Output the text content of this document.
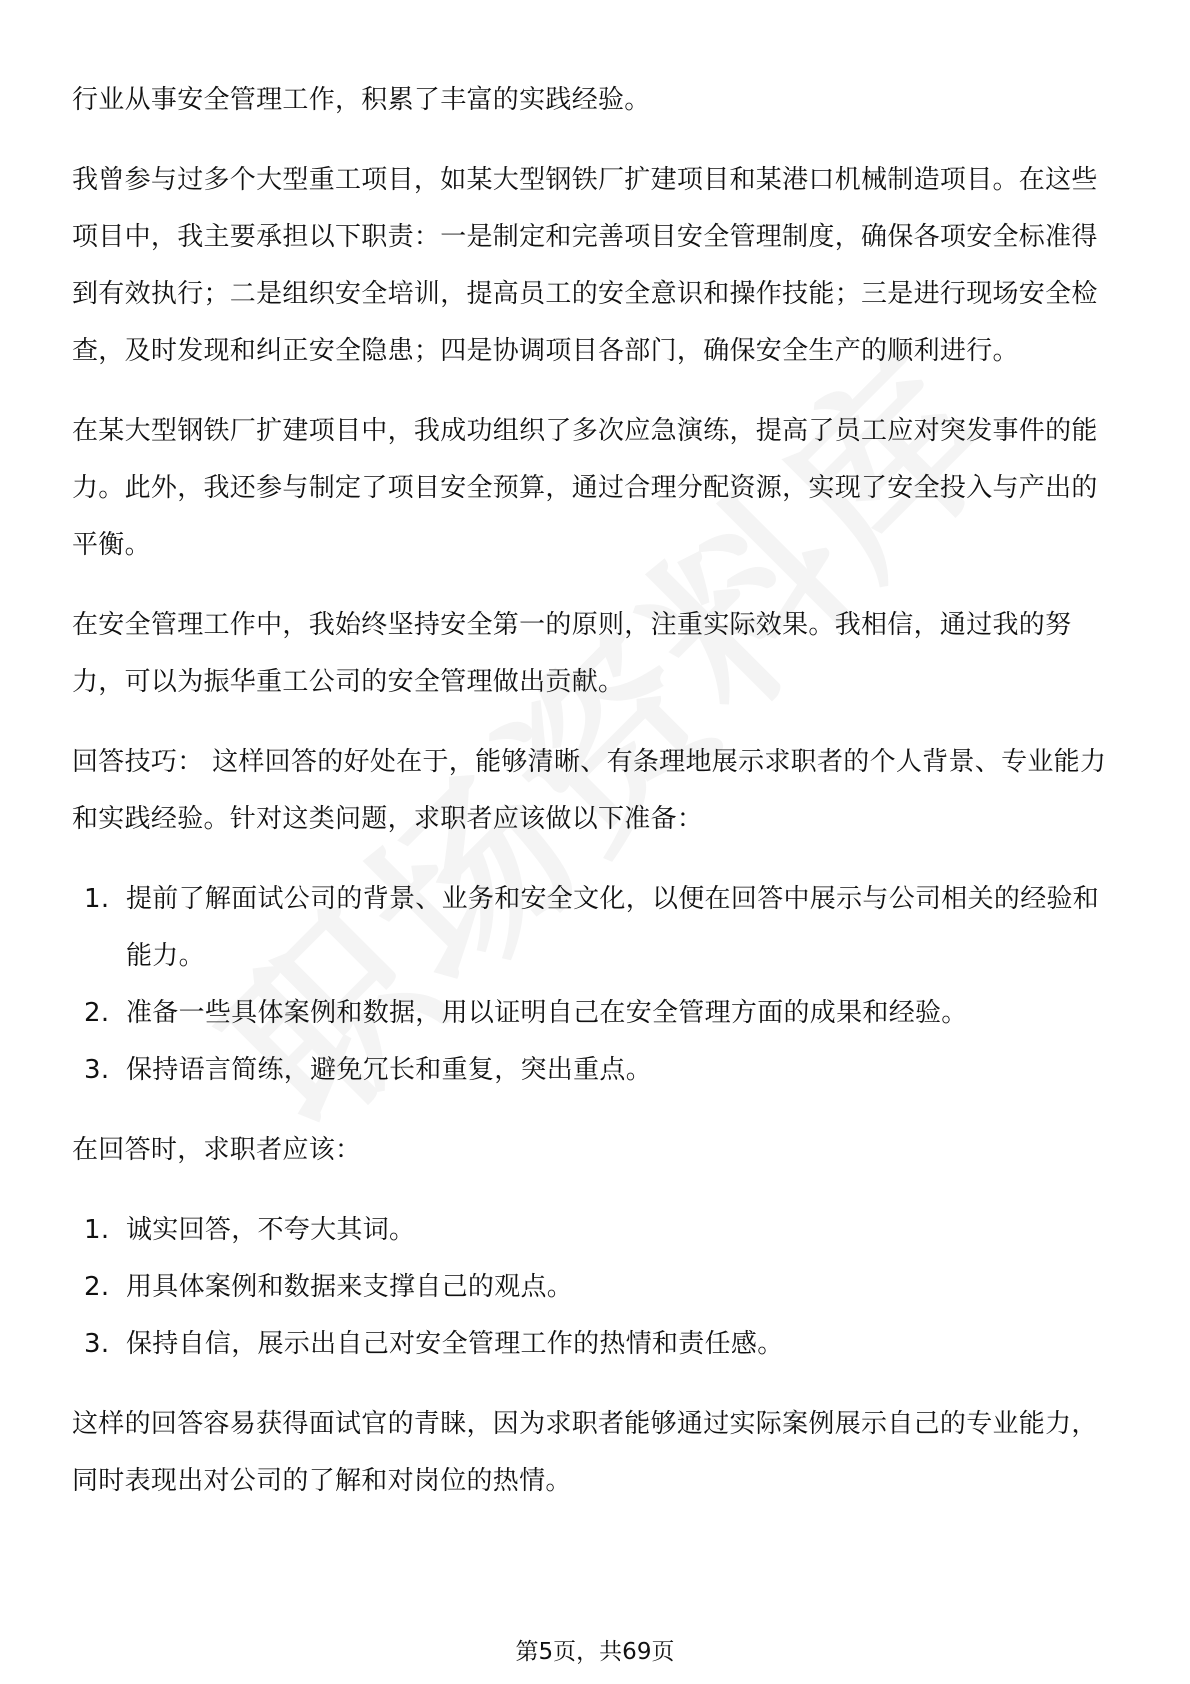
行业从事安全管理工作，积累了丰富的实践经验。

我曾参与过多个大型重工项目，如某大型钢铁厂扩建项目和某港口机械制造项目。在这些项目中，我主要承担以下职责：一是制定和完善项目安全管理制度，确保各项安全标准得到有效执行；二是组织安全培训，提高员工的安全意识和操作技能；三是进行现场安全检查，及时发现和纠正安全隐患；四是协调项目各部门，确保安全生产的顺利进行。

在某大型钢铁厂扩建项目中，我成功组织了多次应急演练，提高了员工应对突发事件的能力。此外，我还参与制定了项目安全预算，通过合理分配资源，实现了安全投入与产出的平衡。

在安全管理工作中，我始终坚持安全第一的原则，注重实际效果。我相信，通过我的努力，可以为振华重工公司的安全管理做出贡献。

回答技巧： 这样回答的好处在于，能够清晰、有条理地展示求职者的个人背景、专业能力和实践经验。针对这类问题，求职者应该做以下准备：

1. 提前了解面试公司的背景、业务和安全文化，以便在回答中展示与公司相关的经验和能力。
2. 准备一些具体案例和数据，用以证明自己在安全管理方面的成果和经验。
3. 保持语言简练，避免冗长和重复，突出重点。

在回答时，求职者应该：

1. 诚实回答，不夸大其词。
2. 用具体案例和数据来支撑自己的观点。
3. 保持自信，展示出自己对安全管理工作的热情和责任感。

这样的回答容易获得面试官的青睐，因为求职者能够通过实际案例展示自己的专业能力，同时表现出对公司的了解和对岗位的热情。

第5页，共69页
